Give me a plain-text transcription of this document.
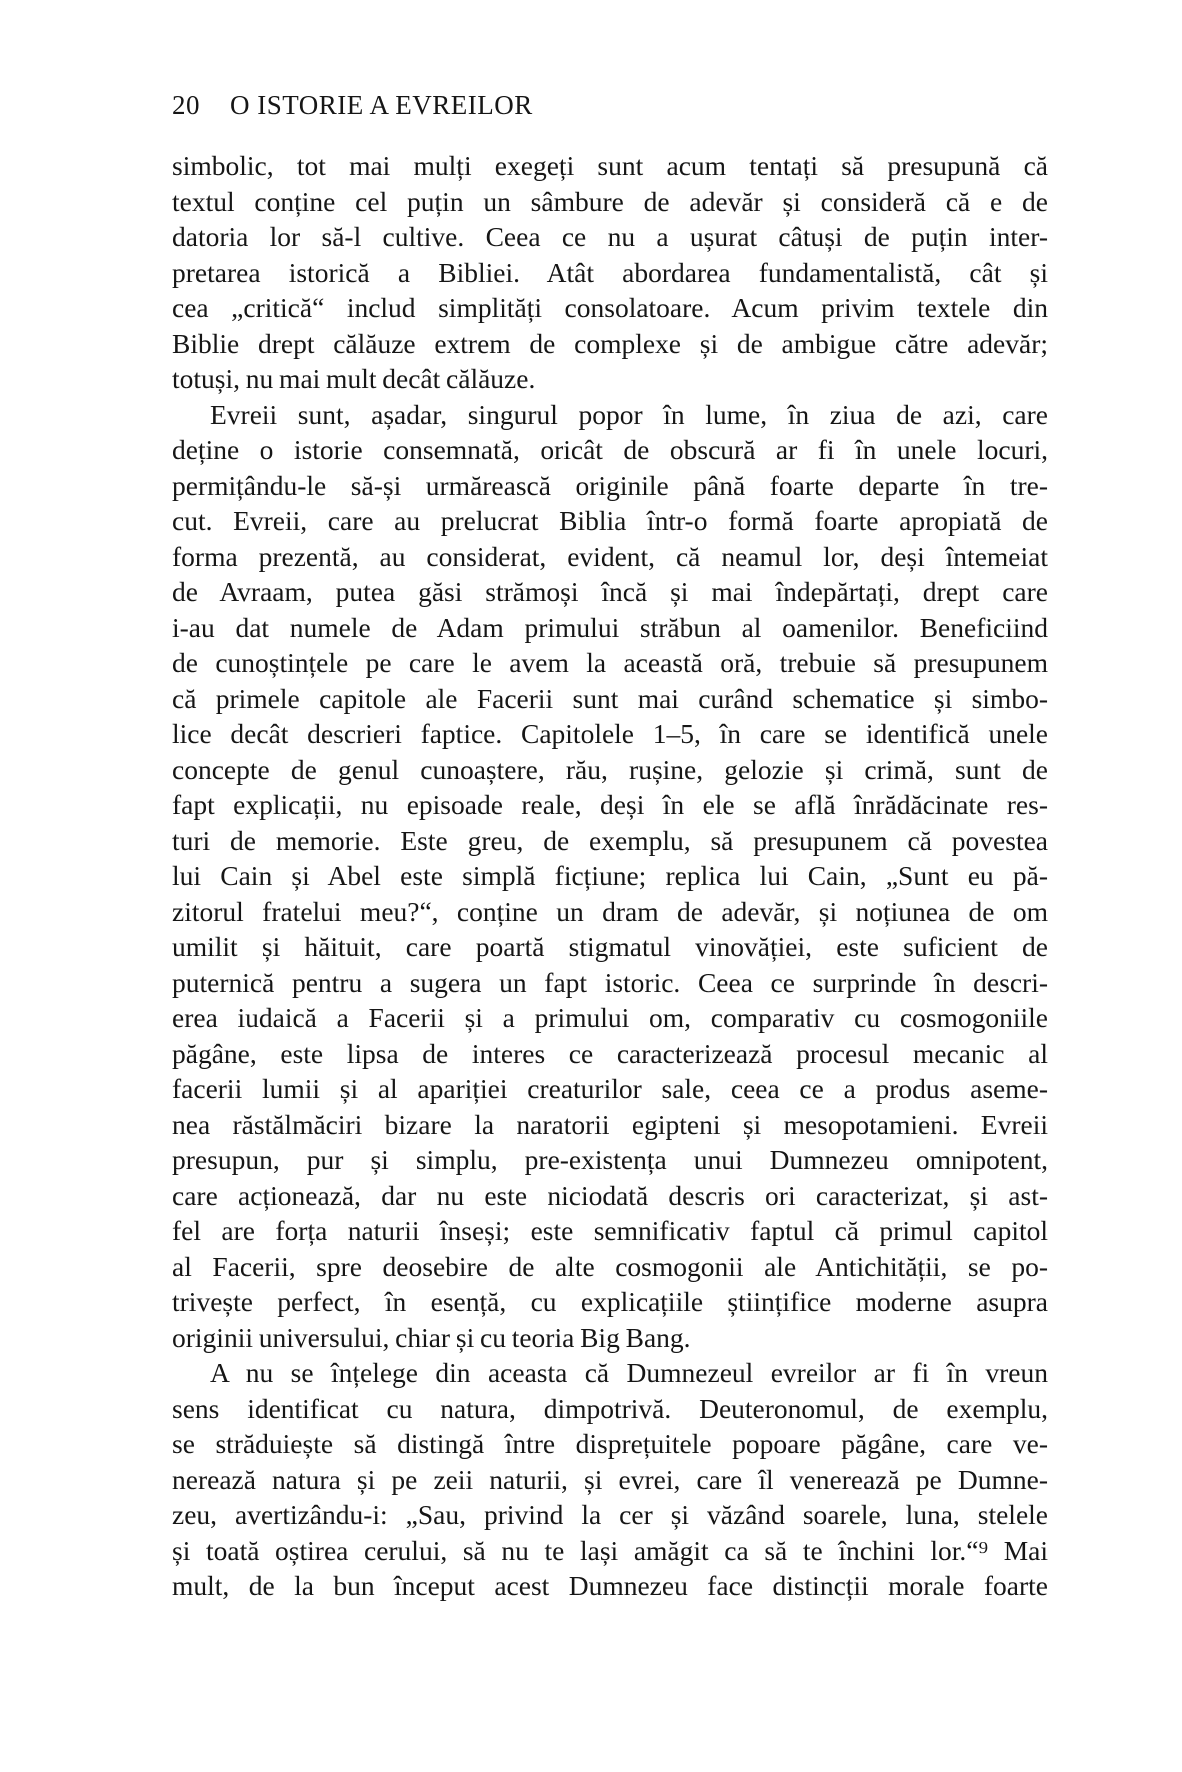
20 O ISTORIE A EVREILOR
simbolic, tot mai mulți exegeți sunt acum tentați să presupună că
textul conține cel puțin un sâmbure de adevăr și consideră că e de
datoria lor să-l cultive. Ceea ce nu a ușurat câtuși de puțin inter-
pretarea istorică a Bibliei. Atât abordarea fundamentalistă, cât și
cea „critică“ includ simplități consolatoare. Acum privim textele din
Biblie drept călăuze extrem de complexe și de ambigue către adevăr;
totuși, nu mai mult decât călăuze.
Evreii sunt, așadar, singurul popor în lume, în ziua de azi, care
deține o istorie consemnată, oricât de obscură ar fi în unele locuri,
permițându-le să-și urmărească originile până foarte departe în tre-
cut. Evreii, care au prelucrat Biblia într-o formă foarte apropiată de
forma prezentă, au considerat, evident, că neamul lor, deși întemeiat
de Avraam, putea găsi strămoși încă și mai îndepărtați, drept care
i-au dat numele de Adam primului străbun al oamenilor. Beneficiind
de cunoștințele pe care le avem la această oră, trebuie să presupunem
că primele capitole ale Facerii sunt mai curând schematice și simbo-
lice decât descrieri faptice. Capitolele 1–5, în care se identifică unele
concepte de genul cunoaștere, rău, rușine, gelozie și crimă, sunt de
fapt explicații, nu episoade reale, deși în ele se află înrădăcinate res-
turi de memorie. Este greu, de exemplu, să presupunem că povestea
lui Cain și Abel este simplă ficțiune; replica lui Cain, „Sunt eu pă-
zitorul fratelui meu?“, conține un dram de adevăr, și noțiunea de om
umilit și hăituit, care poartă stigmatul vinovăției, este suficient de
puternică pentru a sugera un fapt istoric. Ceea ce surprinde în descri-
erea iudaică a Facerii și a primului om, comparativ cu cosmogoniile
păgâne, este lipsa de interes ce caracterizează procesul mecanic al
facerii lumii și al apariției creaturilor sale, ceea ce a produs aseme-
nea răstălmăciri bizare la naratorii egipteni și mesopotamieni. Evreii
presupun, pur și simplu, pre-existența unui Dumnezeu omnipotent,
care acționează, dar nu este niciodată descris ori caracterizat, și ast-
fel are forța naturii înseși; este semnificativ faptul că primul capitol
al Facerii, spre deosebire de alte cosmogonii ale Antichității, se po-
trivește perfect, în esență, cu explicațiile științifice moderne asupra
originii universului, chiar și cu teoria Big Bang.
A nu se înțelege din aceasta că Dumnezeul evreilor ar fi în vreun
sens identificat cu natura, dimpotrivă. Deuteronomul, de exemplu,
se străduiește să distingă între disprețuitele popoare păgâne, care ve-
nerează natura și pe zeii naturii, și evrei, care îl venerează pe Dumne-
zeu, avertizându-i: „Sau, privind la cer și văzând soarele, luna, stelele
și toată oștirea cerului, să nu te lași amăgit ca să te închini lor.“⁹ Mai
mult, de la bun început acest Dumnezeu face distincții morale foarte
